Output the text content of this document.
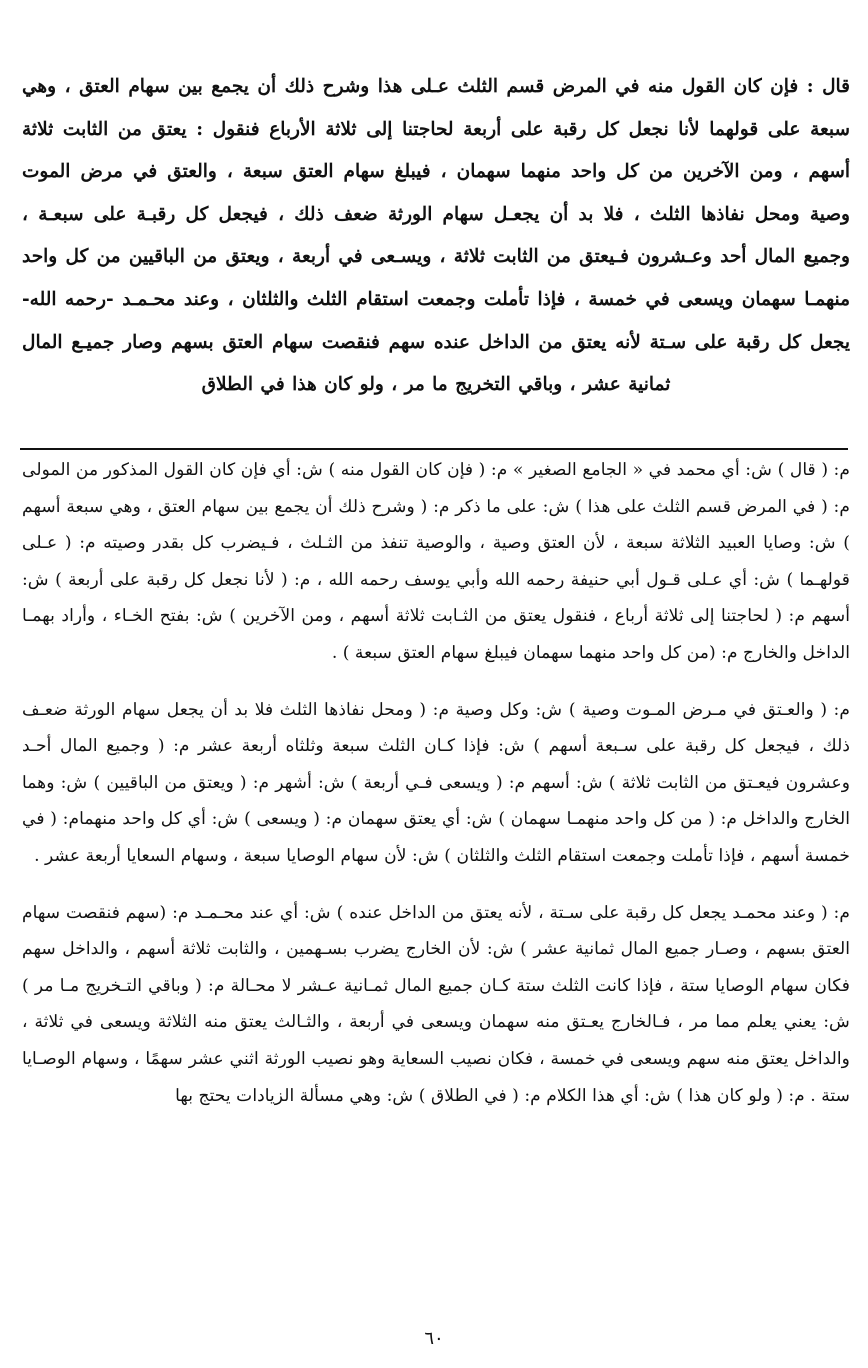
قال : فإن كان القول منه في المرض قسم الثلث عـلى هذا وشرح ذلك أن يجمع بين سهام العتق ، وهي سبعة على قولهما لأنا نجعل كل رقبة على أربعة لحاجتنا إلى ثلاثة الأرباع فنقول : يعتق من الثابت ثلاثة أسهم ، ومن الآخرين من كل واحد منهما سهمان ، فيبلغ سهام العتق سبعة ، والعتق في مرض الموت وصية ومحل نفاذها الثلث ، فلا بد أن يجعـل سهام الورثة ضعف ذلك ، فيجعل كل رقبـة على سبعـة ، وجميع المال أحد وعـشرون فـيعتق من الثابت ثلاثة ، ويسـعى في أربعة ، ويعتق من الباقيين من كل واحد منهمـا سهمان ويسعى في خمسة ، فإذا تأملت وجمعت استقام الثلث والثلثان ، وعند محـمـد -رحمه الله- يجعل كل رقبة على سـتة لأنه يعتق من الداخل عنده سهم فنقصت سهام العتق بسهم وصار جميـع المال ثمانية عشر ، وباقي التخريج ما مر ، ولو كان هذا في الطلاق

م: ( قال ) ش: أي محمد في « الجامع الصغير » م: ( فإن كان القول منه ) ش: أي فإن كان القول المذكور من المولى م: ( في المرض قسم الثلث على هذا ) ش: على ما ذكر م: ( وشرح ذلك أن يجمع بين سهام العتق ، وهي سبعة أسهم ) ش: وصايا العبيد الثلاثة سبعة ، لأن العتق وصية ، والوصية تنفذ من الثـلث ، فـيضرب كل بقدر وصيته م: ( عـلى قولهـما ) ش: أي عـلى قـول أبي حنيفة رحمه الله وأبي يوسف رحمه الله ، م: ( لأنا نجعل كل رقبة على أربعة ) ش: أسهم م: ( لحاجتنا إلى ثلاثة أرباع ، فنقول يعتق من الثـابت ثلاثة أسهم ، ومن الآخرين ) ش: بفتح الخـاء ، وأراد بهمـا الداخل والخارج م: (من كل واحد منهما سهمان فيبلغ سهام العتق سبعة ) .

م: ( والعـتق في مـرض المـوت وصية ) ش: وكل وصية م: ( ومحل نفاذها الثلث فلا بد أن يجعل سهام الورثة ضعـف ذلك ، فيجعل كل رقبة على سـبعة أسهم ) ش: فإذا كـان الثلث سبعة وثلثاه أربعة عشر م: ( وجميع المال أحـد وعشرون فيعـتق من الثابت ثلاثة ) ش: أسهم م: ( ويسعى فـي أربعة ) ش: أشهر م: ( ويعتق من الباقيين ) ش: وهما الخارج والداخل م: ( من كل واحد منهمـا سهمان ) ش: أي يعتق سهمان م: ( ويسعى ) ش: أي كل واحد منهمام: ( في خمسة أسهم ، فإذا تأملت وجمعت استقام الثلث والثلثان ) ش: لأن سهام الوصايا سبعة ، وسهام السعايا أربعة عشر .

م: ( وعند محمـد يجعل كل رقبة على سـتة ، لأنه يعتق من الداخل عنده ) ش: أي عند محـمـد م: (سهم فنقصت سهام العتق بسهم ، وصـار جميع المال ثمانية عشر ) ش: لأن الخارج يضرب بسـهمين ، والثابت ثلاثة أسهم ، والداخل سهم فكان سهام الوصايا ستة ، فإذا كانت الثلث ستة كـان جميع المال ثمـانية عـشر لا محـالة م: ( وباقي التـخريج مـا مر ) ش: يعني يعلم مما مر ، فـالخارج يعـتق منه سهمان ويسعى في أربعة ، والثـالث يعتق منه الثلاثة ويسعى في ثلاثة ، والداخل يعتق منه سهم ويسعى في خمسة ، فكان نصيب السعاية وهو نصيب الورثة اثني عشر سهمًا ، وسهام الوصـايا ستة . م: ( ولو كان هذا ) ش: أي هذا الكلام م: ( في الطلاق ) ش: وهي مسألة الزيادات يحتج بها

٦٠
